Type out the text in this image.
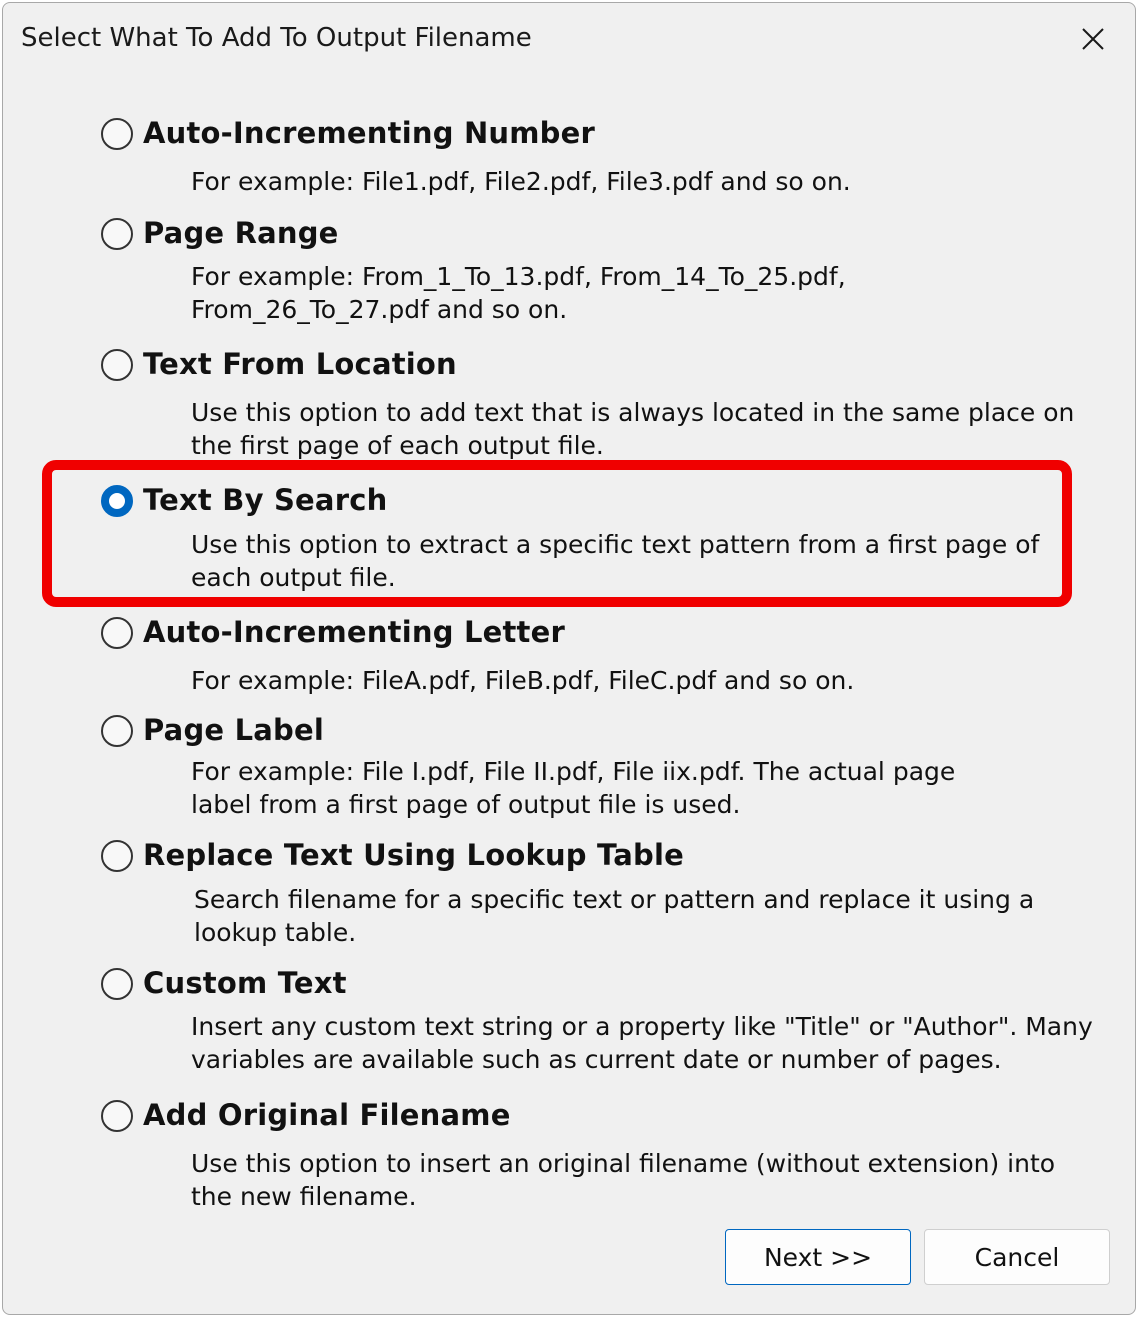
Select What To Add To Output Filename
Auto-Incrementing Number
For example: File1.pdf, File2.pdf, File3.pdf and so on.
Page Range
For example: From_1_To_13.pdf, From_14_To_25.pdf,
From_26_To_27.pdf and so on.
Text From Location
Use this option to add text that is always located in the same place on
the first page of each output file.
Text By Search
Use this option to extract a specific text pattern from a first page of
each output file.
Auto-Incrementing Letter
For example: FileA.pdf, FileB.pdf, FileC.pdf and so on.
Page Label
For example: File I.pdf, File II.pdf, File iix.pdf. The actual page
label from a first page of output file is used.
Replace Text Using Lookup Table
Search filename for a specific text or pattern and replace it using a
lookup table.
Custom Text
Insert any custom text string or a property like "Title" or "Author". Many
variables are available such as current date or number of pages.
Add Original Filename
Use this option to insert an original filename (without extension) into
the new filename.
Next >>	Cancel
